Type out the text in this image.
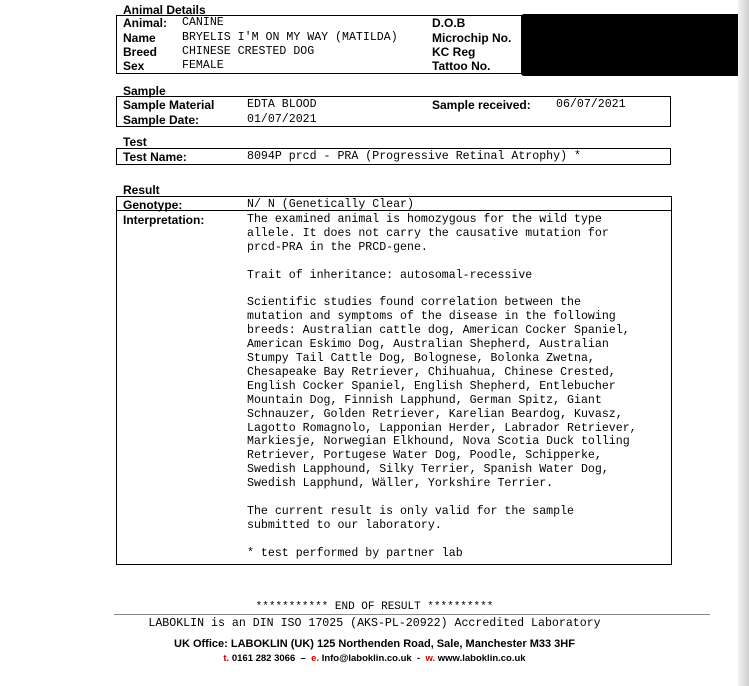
Animal Details
Animal: CANINE
Name BRYELIS I'M ON MY WAY (MATILDA)
Breed CHINESE CRESTED DOG
Sex	FEMALE
D.O.B
Microchip No.
KC Reg
Tattoo No.
Sample
Sample Material	EDTA BLOOD
Sample Date:	01/07/2021
Sample received: 06/07/2021
Test
Test Name:	8094P prcd - PRA (Progressive Retinal Atrophy) *
Result
Genotype:	N/ N (Genetically Clear)
Interpretation:	The examined animal is homozygous for the wild type
allele. It does not carry the causative mutation for
prcd-PRA in the PRCD-gene.
Trait of inheritance: autosomal-recessive
Scientific studies found correlation between the
mutation and symptoms of the disease in the following
breeds: Australian cattle dog, American Cocker Spaniel,
American Eskimo Dog, Australian Shepherd, Australian
Stumpy Tail Cattle Dog, Bolognese, Bolonka Zwetna,
Chesapeake Bay Retriever, Chihuahua, Chinese Crested,
English Cocker Spaniel, English Shepherd, Entlebucher
Mountain Dog, Finnish Lapphund, German Spitz, Giant
Schnauzer, Golden Retriever, Karelian Beardog, Kuvasz,
Lagotto Romagnolo, Lapponian Herder, Labrador Retriever,
Markiesje, Norwegian Elkhound, Nova Scotia Duck tolling
Retriever, Portugese Water Dog, Poodle, Schipperke,
Swedish Lapphound, Silky Terrier, Spanish Water Dog,
Swedish Lapphund, Wäller, Yorkshire Terrier.
The current result is only valid for the sample
submitted to our laboratory.
* test performed by partner lab
*********** END OF RESULT **********
LABOKLIN is an DIN ISO 17025 (AKS-PL-20922) Accredited Laboratory
UK Office: LABOKLIN (UK) 125 Northenden Road, Sale, Manchester M33 3HF
t. 0161 282 3066 – e. Info@laboklin.co.uk - w. www.laboklin.co.uk
